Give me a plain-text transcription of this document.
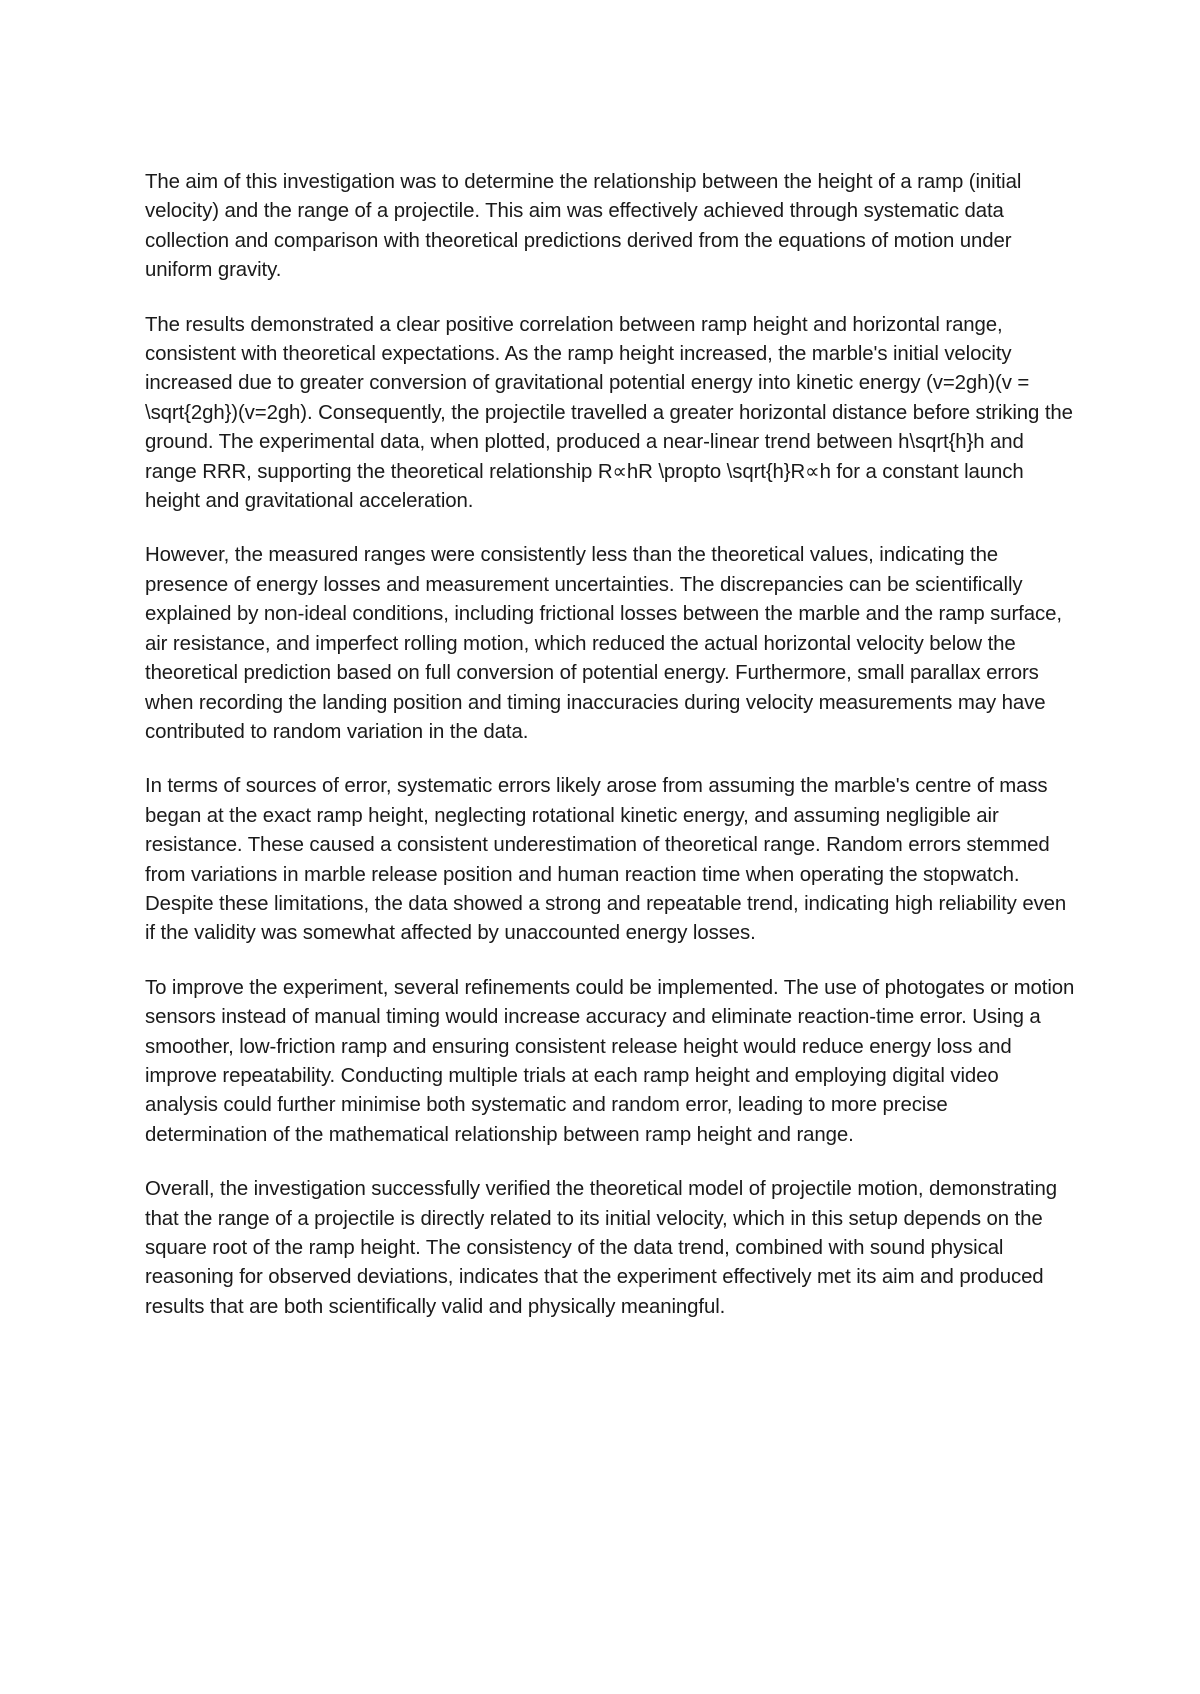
The aim of this investigation was to determine the relationship between the height of a ramp (initial velocity) and the range of a projectile. This aim was effectively achieved through systematic data collection and comparison with theoretical predictions derived from the equations of motion under uniform gravity.

The results demonstrated a clear positive correlation between ramp height and horizontal range, consistent with theoretical expectations. As the ramp height increased, the marble's initial velocity increased due to greater conversion of gravitational potential energy into kinetic energy (v=2gh)(v = \sqrt{2gh})(v=2gh). Consequently, the projectile travelled a greater horizontal distance before striking the ground. The experimental data, when plotted, produced a near-linear trend between h\sqrt{h}h and range RRR, supporting the theoretical relationship R∝hR \propto \sqrt{h}R∝h for a constant launch height and gravitational acceleration.

However, the measured ranges were consistently less than the theoretical values, indicating the presence of energy losses and measurement uncertainties. The discrepancies can be scientifically explained by non-ideal conditions, including frictional losses between the marble and the ramp surface, air resistance, and imperfect rolling motion, which reduced the actual horizontal velocity below the theoretical prediction based on full conversion of potential energy. Furthermore, small parallax errors when recording the landing position and timing inaccuracies during velocity measurements may have contributed to random variation in the data.

In terms of sources of error, systematic errors likely arose from assuming the marble's centre of mass began at the exact ramp height, neglecting rotational kinetic energy, and assuming negligible air resistance. These caused a consistent underestimation of theoretical range. Random errors stemmed from variations in marble release position and human reaction time when operating the stopwatch. Despite these limitations, the data showed a strong and repeatable trend, indicating high reliability even if the validity was somewhat affected by unaccounted energy losses.

To improve the experiment, several refinements could be implemented. The use of photogates or motion sensors instead of manual timing would increase accuracy and eliminate reaction-time error. Using a smoother, low-friction ramp and ensuring consistent release height would reduce energy loss and improve repeatability. Conducting multiple trials at each ramp height and employing digital video analysis could further minimise both systematic and random error, leading to more precise determination of the mathematical relationship between ramp height and range.

Overall, the investigation successfully verified the theoretical model of projectile motion, demonstrating that the range of a projectile is directly related to its initial velocity, which in this setup depends on the square root of the ramp height. The consistency of the data trend, combined with sound physical reasoning for observed deviations, indicates that the experiment effectively met its aim and produced results that are both scientifically valid and physically meaningful.
